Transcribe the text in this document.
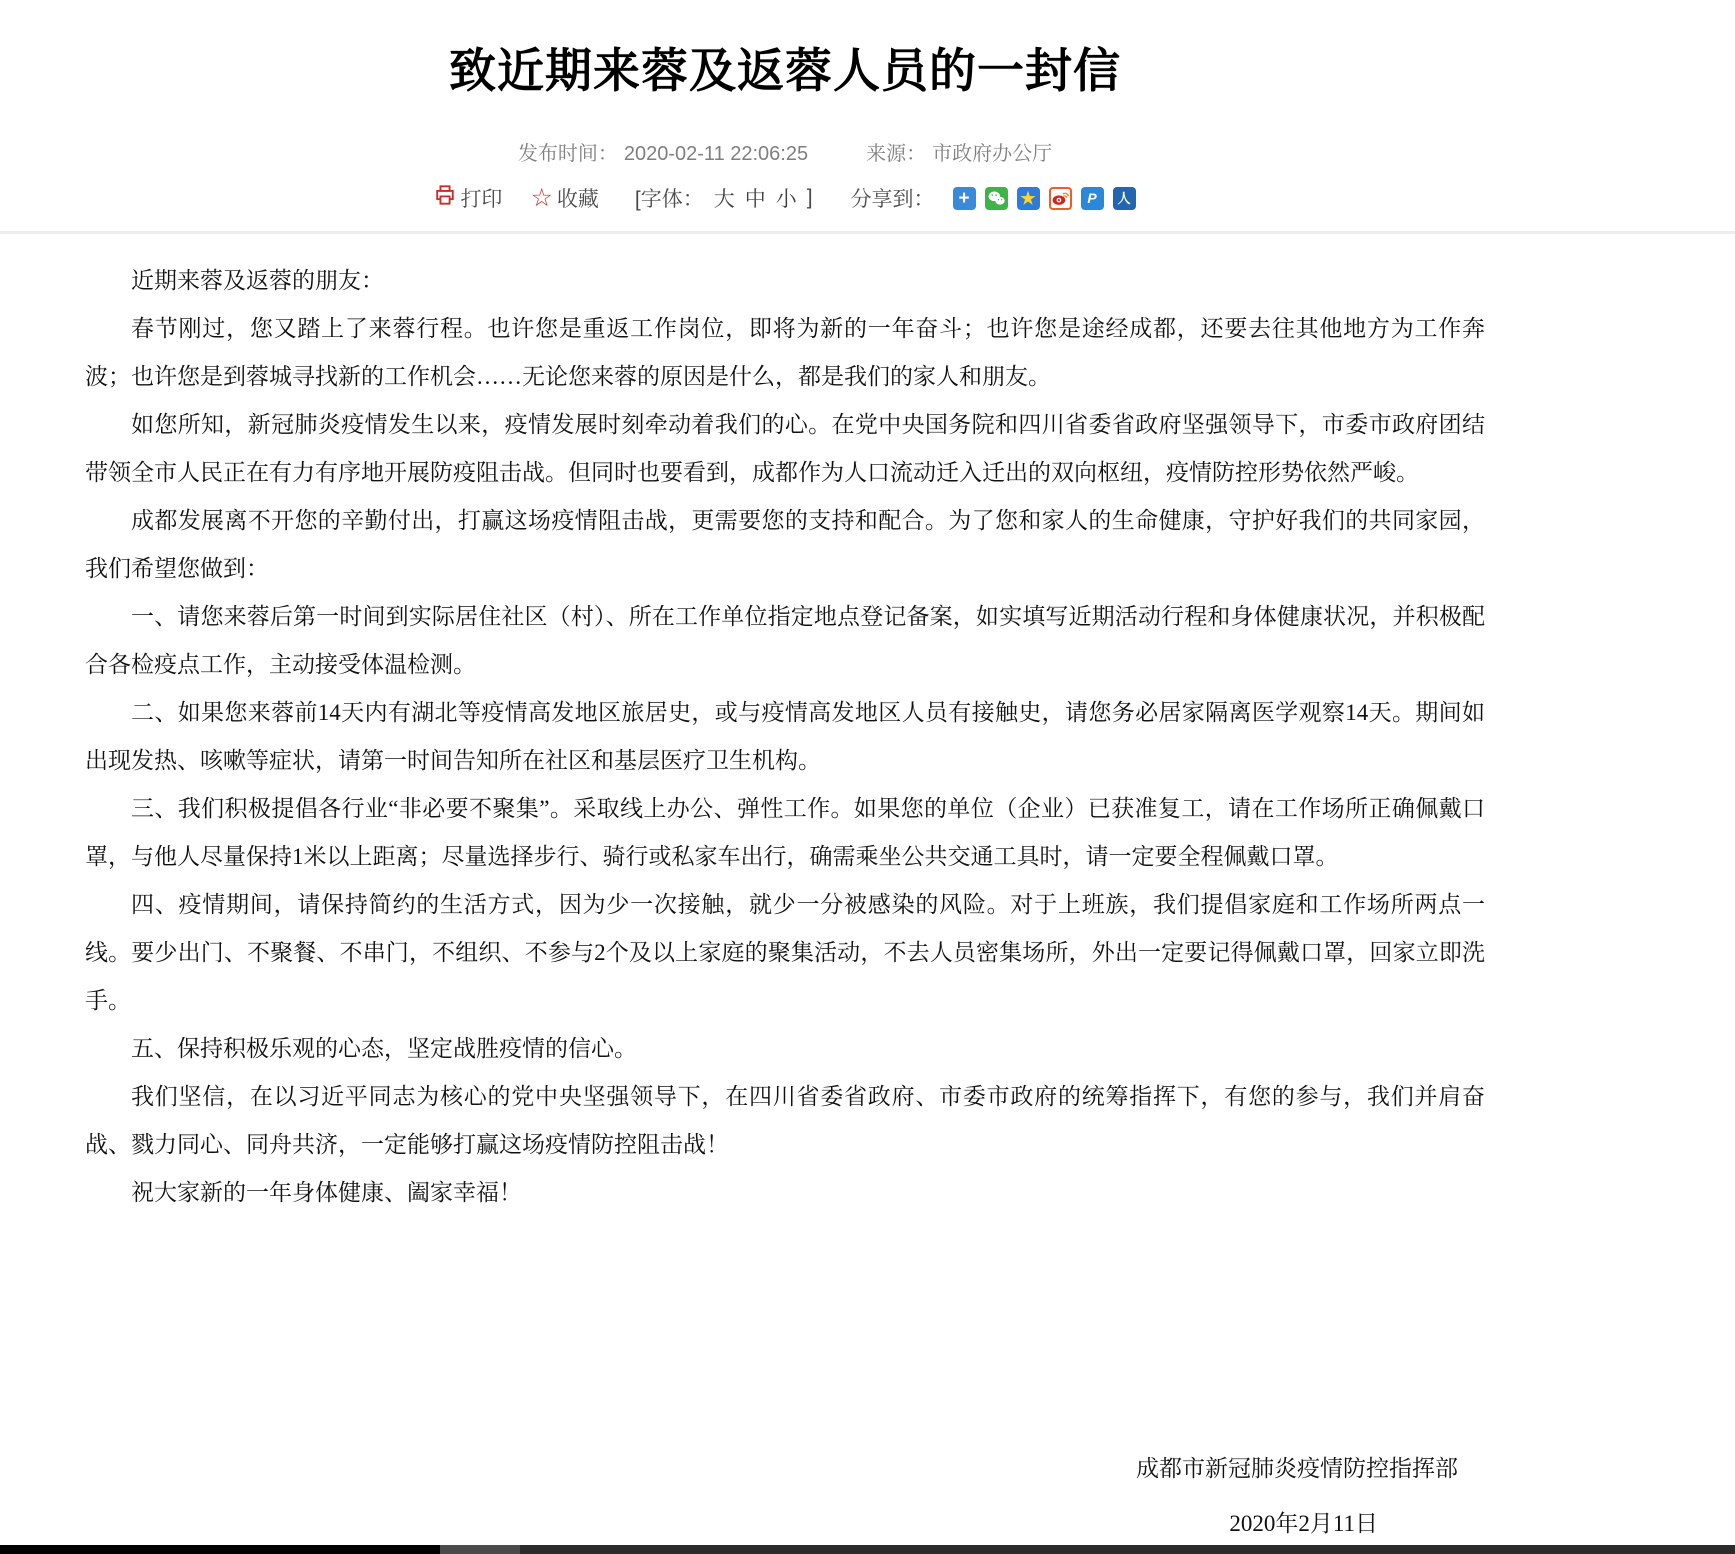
致近期来蓉及返蓉人员的一封信
发布时间： 2020-02-11 22:06:25	来源： 市政府办公厅
打印 ☆ 收藏 [字体： 大 中 小 ] 分享到：	+	★	P	人

近期来蓉及返蓉的朋友：

春节刚过，您又踏上了来蓉行程。也许您是重返工作岗位，即将为新的一年奋斗；也许您是途经成都，还要去往其他地方为工作奔波；也许您是到蓉城寻找新的工作机会……无论您来蓉的原因是什么，都是我们的家人和朋友。

如您所知，新冠肺炎疫情发生以来，疫情发展时刻牵动着我们的心。在党中央国务院和四川省委省政府坚强领导下，市委市政府团结带领全市人民正在有力有序地开展防疫阻击战。但同时也要看到，成都作为人口流动迁入迁出的双向枢纽，疫情防控形势依然严峻。

成都发展离不开您的辛勤付出，打赢这场疫情阻击战，更需要您的支持和配合。为了您和家人的生命健康，守护好我们的共同家园，我们希望您做到：

一、请您来蓉后第一时间到实际居住社区（村）、所在工作单位指定地点登记备案，如实填写近期活动行程和身体健康状况，并积极配合各检疫点工作，主动接受体温检测。

二、如果您来蓉前14天内有湖北等疫情高发地区旅居史，或与疫情高发地区人员有接触史，请您务必居家隔离医学观察14天。期间如出现发热、咳嗽等症状，请第一时间告知所在社区和基层医疗卫生机构。

三、我们积极提倡各行业“非必要不聚集”。采取线上办公、弹性工作。如果您的单位（企业）已获准复工，请在工作场所正确佩戴口罩，与他人尽量保持1米以上距离；尽量选择步行、骑行或私家车出行，确需乘坐公共交通工具时，请一定要全程佩戴口罩。

四、疫情期间，请保持简约的生活方式，因为少一次接触，就少一分被感染的风险。对于上班族，我们提倡家庭和工作场所两点一线。要少出门、不聚餐、不串门，不组织、不参与2个及以上家庭的聚集活动，不去人员密集场所，外出一定要记得佩戴口罩，回家立即洗手。

五、保持积极乐观的心态，坚定战胜疫情的信心。

我们坚信，在以习近平同志为核心的党中央坚强领导下，在四川省委省政府、市委市政府的统筹指挥下，有您的参与，我们并肩奋战、戮力同心、同舟共济，一定能够打赢这场疫情防控阻击战！

祝大家新的一年身体健康、阖家幸福！

成都市新冠肺炎疫情防控指挥部
2020年2月11日
